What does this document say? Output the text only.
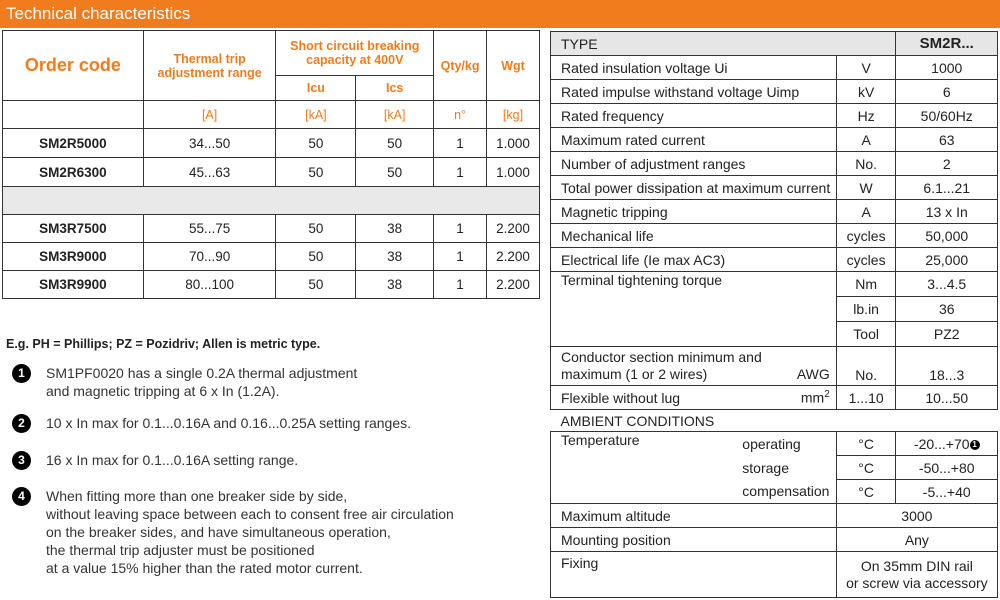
Technical characteristics
Order code	Thermal trip adjustment range	Short circuit breaking capacity at 400V		Qty/kg	Wgt
		Icu	Ics		
	[A]	[kA]	[kA]	n°	[kg]
SM2R5000	34...50	50	50	1	1.000
SM2R6300	45...63	50	50	1	1.000

SM3R7500	55...75	50	38	1	2.200
SM3R9000	70...90	50	38	1	2.200
SM3R9900	80...100	50	38	1	2.200
E.g. PH = Phillips; PZ = Pozidriv; Allen is metric type.
1	SM1PF0020 has a single 0.2A thermal adjustment
and magnetic tripping at 6 x In (1.2A).
2	10 x In max for 0.1...0.16A and 0.16...0.25A setting ranges.
3	16 x In max for 0.1...0.16A setting range.
4	When fitting more than one breaker side by side,
without leaving space between each to consent free air circulation
on the breaker sides, and have simultaneous operation,
the thermal trip adjuster must be positioned
at a value 15% higher than the rated motor current.
TYPE			SM2R...
Rated insulation voltage Ui		V	1000
Rated impulse withstand voltage Uimp		kV	6
Rated frequency		Hz	50/60Hz
Maximum rated current		A	63
Number of adjustment ranges		No.	2
Total power dissipation at maximum current		W	6.1...21
Magnetic tripping		A	13 x In
Mechanical life		cycles	50,000
Electrical life (Ie max AC3)		cycles	25,000
Terminal tightening torque		Nm	3...4.5
		lb.in	36
		Tool	PZ2

Conductor section minimum and
maximum (1 or 2 wires) AWG		No.	18...3
Flexible without lug $mm^2$		1...10	10...50
AMBIENT CONDITIONS			
Temperature	operating	°C	-20...+70 1
	storage	°C	-50...+80
	compensation	°C	-5...+40
Maximum altitude		3000	
Mounting position		Any	
Fixing		On 35mm DIN rail
or screw via accessory	
